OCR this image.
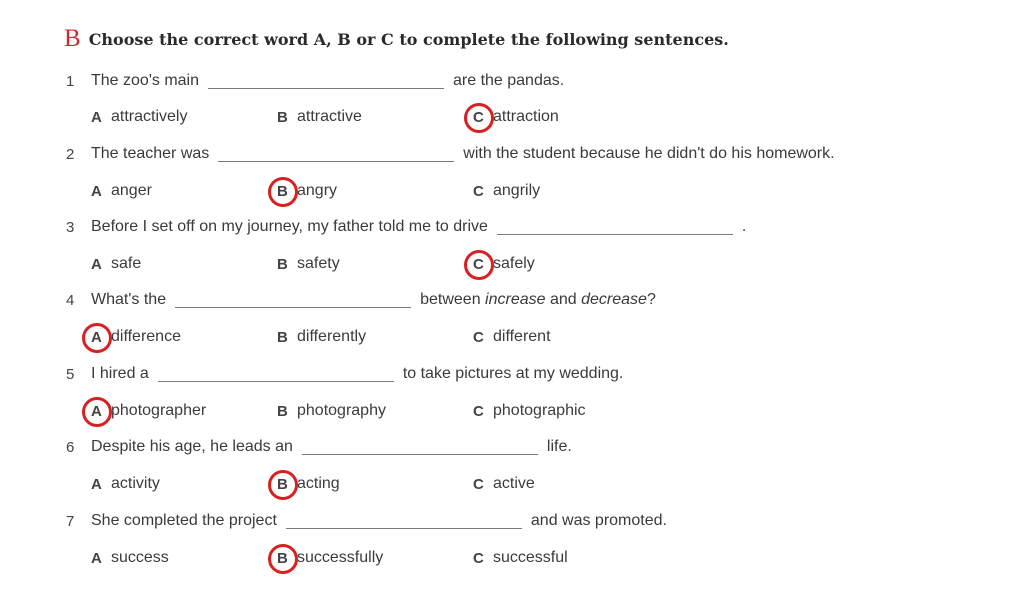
B Choose the correct word A, B or C to complete the following sentences.
1	The zoo's main	are the pandas.
A attractively	B attractive	C attraction
2	The teacher was	with the student because he didn't do his homework.
A anger	B angry	C angrily
3	Before I set off on my journey, my father told me to drive	.
A safe	B safety	C safely
4	What's the	between increase and decrease?
A difference	B differently	C different
5	I hired a	to take pictures at my wedding.
A photographer	B photography	C photographic
6	Despite his age, he leads an	life.
A activity	B acting	C active
7	She completed the project	and was promoted.
A success	B successfully	C successful
